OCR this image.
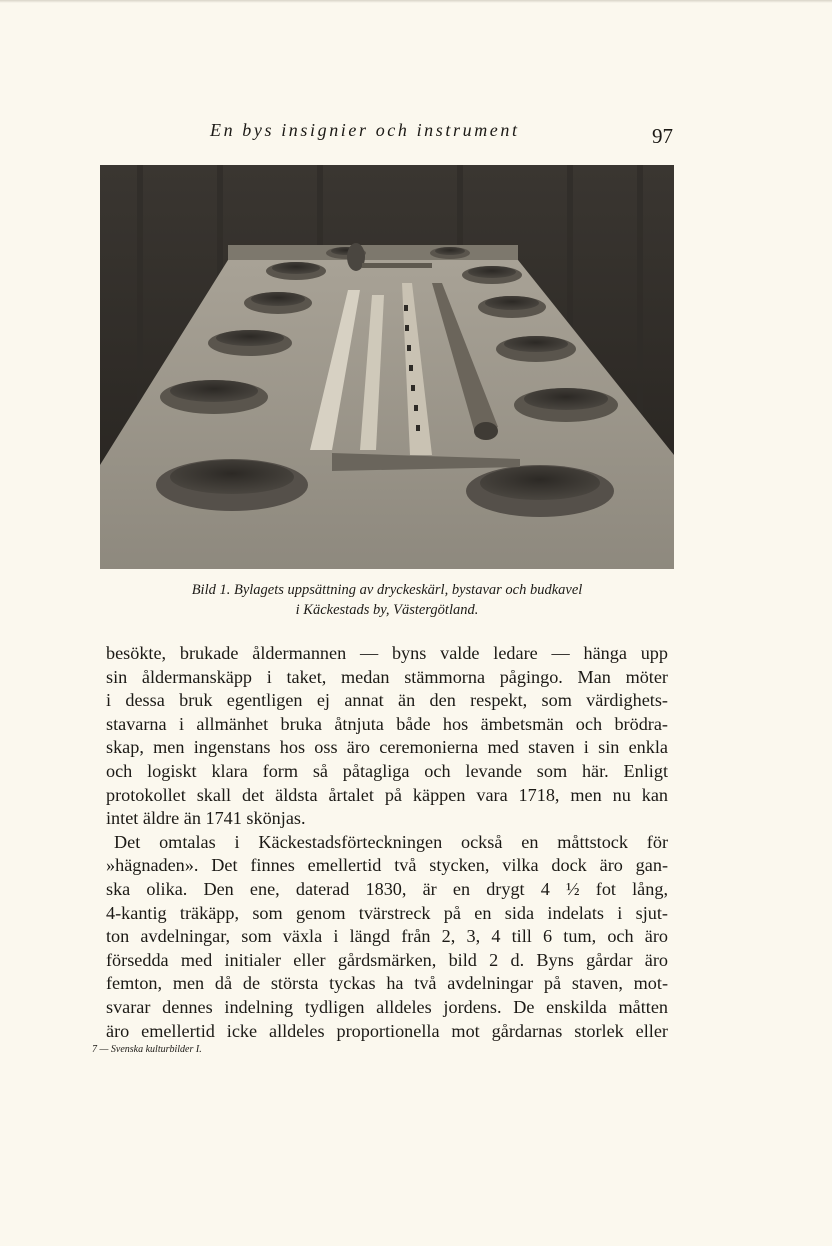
En bys insignier och instrument	97
Bild 1. Bylagets uppsättning av dryckeskärl, bystavar och budkavel
i Käckestads by, Västergötland.
besökte, brukade åldermannen — byns valde ledare — hänga upp
sin åldermanskäpp i taket, medan stämmorna pågingo. Man möter
i dessa bruk egentligen ej annat än den respekt, som värdighets-
stavarna i allmänhet bruka åtnjuta både hos ämbetsmän och brödra-
skap, men ingenstans hos oss äro ceremonierna med staven i sin enkla
och logiskt klara form så påtagliga och levande som här. Enligt
protokollet skall det äldsta årtalet på käppen vara 1718, men nu kan
intet äldre än 1741 skönjas.
Det omtalas i Käckestadsförteckningen också en måttstock för
»hägnaden». Det finnes emellertid två stycken, vilka dock äro gan-
ska olika. Den ene, daterad 1830, är en drygt 4 ½ fot lång,
4-kantig träkäpp, som genom tvärstreck på en sida indelats i sjut-
ton avdelningar, som växla i längd från 2, 3, 4 till 6 tum, och äro
försedda med initialer eller gårdsmärken, bild 2 d. Byns gårdar äro
femton, men då de största tyckas ha två avdelningar på staven, mot-
svarar dennes indelning tydligen alldeles jordens. De enskilda måtten
äro emellertid icke alldeles proportionella mot gårdarnas storlek eller
7 — Svenska kulturbilder I.
